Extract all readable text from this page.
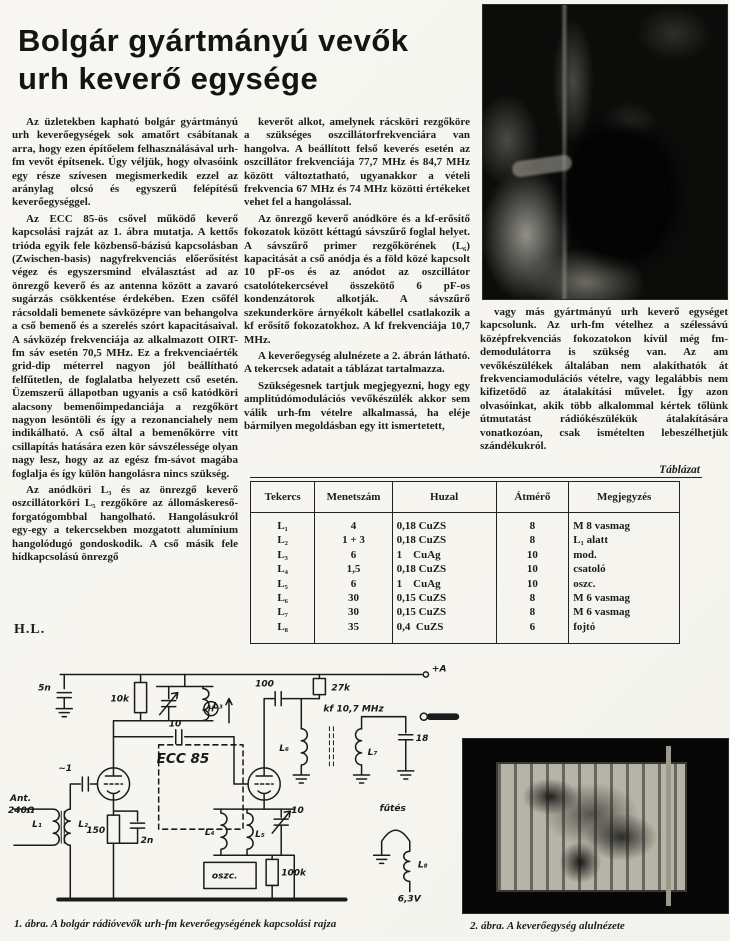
Bolgár gyártmányú vevők
urh keverő egysége

Az üzletekben kapható bolgár gyártmányú urh keverőegységek sok amatőrt csábítanak arra, hogy ezen építőelem felhasználásával urh-fm vevőt építsenek. Úgy véljük, hogy olvasóink egy része szívesen megismerkedik ezzel az aránylag olcsó és egyszerű felépítésű keverőegységgel.

Az ECC 85-ös csővel működő keverő kapcsolási rajzát az 1. ábra mutatja. A kettős trióda egyik fele közbenső-bázisú kapcsolásban (Zwischen-basis) nagyfrekvenciás előerősítést végez és egyszersmind elválasztást ad az önrezgő keverő és az antenna között a zavaró sugárzás csökkentése érdekében. Ezen csőfél rácsoldali bemenete sávközépre van behangolva a cső bemenő és a szerelés szórt kapacitásaival. A sávközép frekvenciája az alkalmazott OIRT-fm sáv esetén 70,5 MHz. Ez a frekvenciaérték grid-dip méterrel nagyon jól beállítható felfűtetlen, de foglalatba helyezett cső esetén. Üzemszerű állapotban ugyanis a cső katódköri alacsony bemenőimpedanciája a rezgőkört nagyon lesöntöli és így a rezonanciahely nem indikálható. A cső által a bemenőkörre vitt csillapítás hatására ezen kör sávszélessége olyan nagy lesz, hogy az az egész fm-sávot magába foglalja és így külön hangolásra nincs szükség.

Az anódköri L₃ és az önrezgő keverő oszcillátorköri L₅ rezgőköre az állomáskereső-forgatógombbal hangolható. Hangolásukról egy-egy a tekercsekben mozgatott alumínium hangolódugó gondoskodik. A cső másik fele hídkapcsolású önrezgő

keverőt alkot, amelynek rácsköri rezgőköre a szükséges oszcillátorfrekvenciára van hangolva. A beállított felső keverés esetén az oszcillátor frekvenciája 77,7 MHz és 84,7 MHz között változtatható, ugyanakkor a vételi frekvencia 67 MHz és 74 MHz közötti értékeket vehet fel a hangolással.

Az önrezgő keverő anódköre és a kf-erősítő fokozatok között kéttagú sávszűrő foglal helyet. A sávszűrő primer rezgőkörének (L₆) kapacitását a cső anódja és a föld közé kapcsolt 10 pF-os és az anódot az oszcillátor csatolótekercsével összekötő 6 pF-os kondenzátorok alkotják. A sávszűrő szekunderköre árnyékolt kábellel csatlakozik a kf erősítő fokozatokhoz. A kf frekvenciája 10,7 MHz.

A keverőegység alulnézete a 2. ábrán látható. A tekercsek adatait a táblázat tartalmazza.

Szükségesnek tartjuk megjegyezni, hogy egy amplitúdómodulációs vevőkészülék akkor sem válik urh-fm vételre alkalmassá, ha eléje bármilyen megoldásban egy itt ismertetett,

vagy más gyártmányú urh keverő egységet kapcsolunk. Az urh-fm vételhez a szélessávú középfrekvenciás fokozatokon kívül még fm-demodulátorra is szükség van. Az am vevőkészülékek általában nem alakíthatók át frekvenciamodulációs vételre, vagy legalábbis nem kifizetődő az átalakítási művelet. Így azon olvasóinkat, akik több alkalommal kértek tőlünk útmutatást rádiókészülékük átalakítására vonatkozóan, csak ismételten lebeszélhetjük szándékukról.

H.L.
Táblázat
Tekercs	Menetszám	Huzal	Átmérő	Megjegyzés
L₁	4	0,18 CuZS	8	M 8 vasmag
L₂	1 + 3	0,18 CuZS	8	L₁ alatt
L₃	6	1    CuAg	10	mod.
L₄	1,5	0,18 CuZS	10	csatoló
L₅	6	1    CuAg	10	oszc.
L₆	30	0,15 CuZS	8	M 6 vasmag
L₇	30	0,15 CuZS	8	M 6 vasmag
L₈	35	0,4  CuZS	6	fojtó
5n
10k
~1
Ant.
240Ω
L₁	L₂
150
2n
L₃
ECC 85
H
10
100	27k
kf 10,7 MHz
L₆	L₇
18
+A
L₄	L₅
10
oszc.	100k
fűtés
L₈
6,3V
1. ábra. A bolgár rádióvevők urh-fm keverőegységének kapcsolási rajza	2. ábra. A keverőegység alulnézete
